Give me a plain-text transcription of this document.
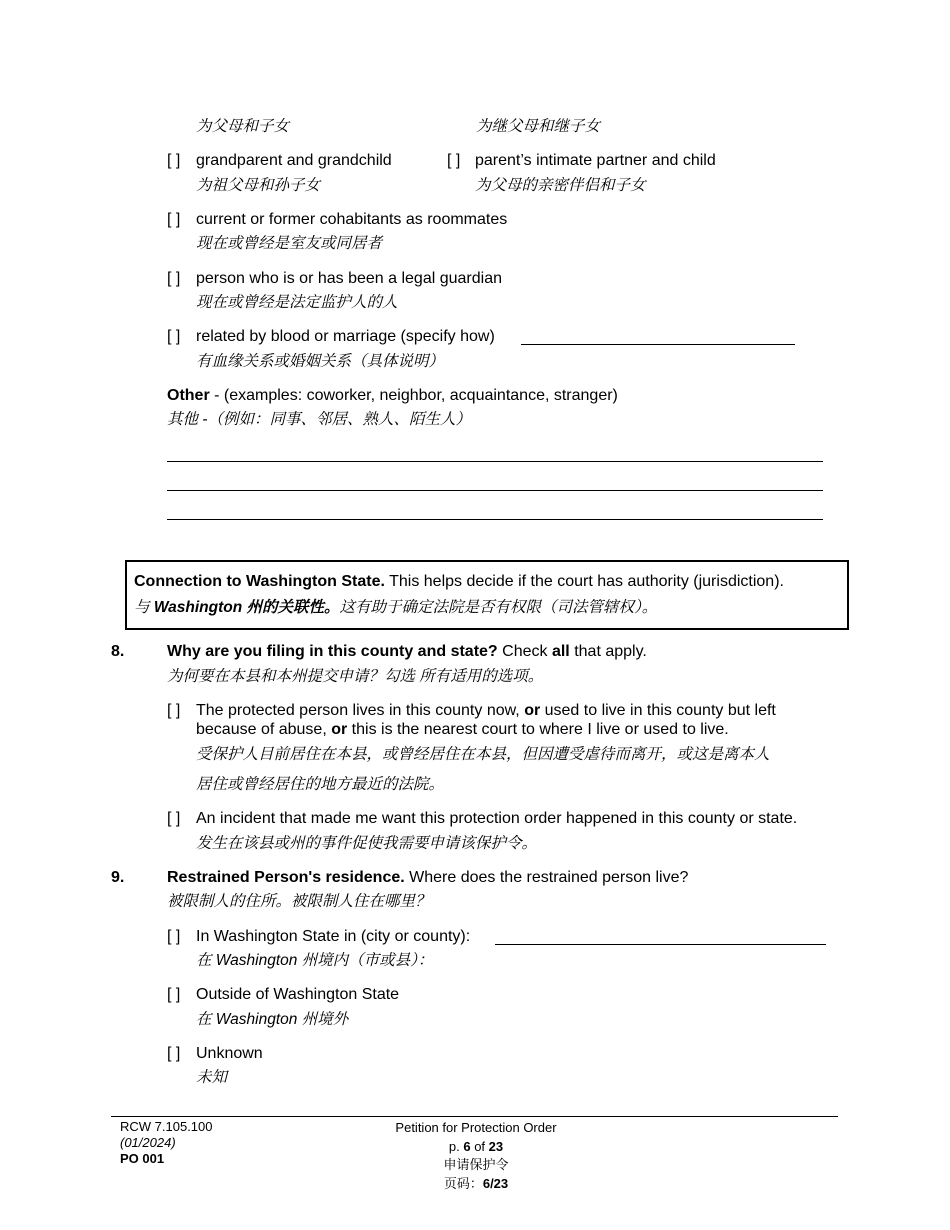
为父母和子女	为继父母和继子女
[ ] grandparent and grandchild
为祖父母和孙子女
[ ] parent’s intimate partner and child
为父母的亲密伴侣和子女
[ ] current or former cohabitants as roommates
现在或曾经是室友或同居者
[ ] person who is or has been a legal guardian
现在或曾经是法定监护人的人
[ ] related by blood or marriage (specify how)
有血缘关系或婚姻关系（具体说明）
Other - (examples: coworker, neighbor, acquaintance, stranger)
其他 -（例如：同事、邻居、熟人、陌生人）
Connection to Washington State. This helps decide if the court has authority (jurisdiction).
与 Washington 州的关联性。这有助于确定法院是否有权限（司法管辖权）。
8.	Why are you filing in this county and state? Check all that apply.
为何要在本县和本州提交申请？勾选 所有适用的选项。
[ ] The protected person lives in this county now, or used to live in this county but left
because of abuse, or this is the nearest court to where I live or used to live.
受保护人目前居住在本县，或曾经居住在本县，但因遭受虐待而离开，或这是离本人
居住或曾经居住的地方最近的法院。
[ ] An incident that made me want this protection order happened in this county or state.
发生在该县或州的事件促使我需要申请该保护令。
9.	Restrained Person's residence. Where does the restrained person live?
被限制人的住所。被限制人住在哪里？
[ ] In Washington State in (city or county):
在 Washington 州境内（市或县）：
[ ] Outside of Washington State
在 Washington 州境外
[ ] Unknown
未知
RCW 7.105.100
(01/2024)
PO 001
Petition for Protection Order
p. 6 of 23
申请保护令
页码：6/23
